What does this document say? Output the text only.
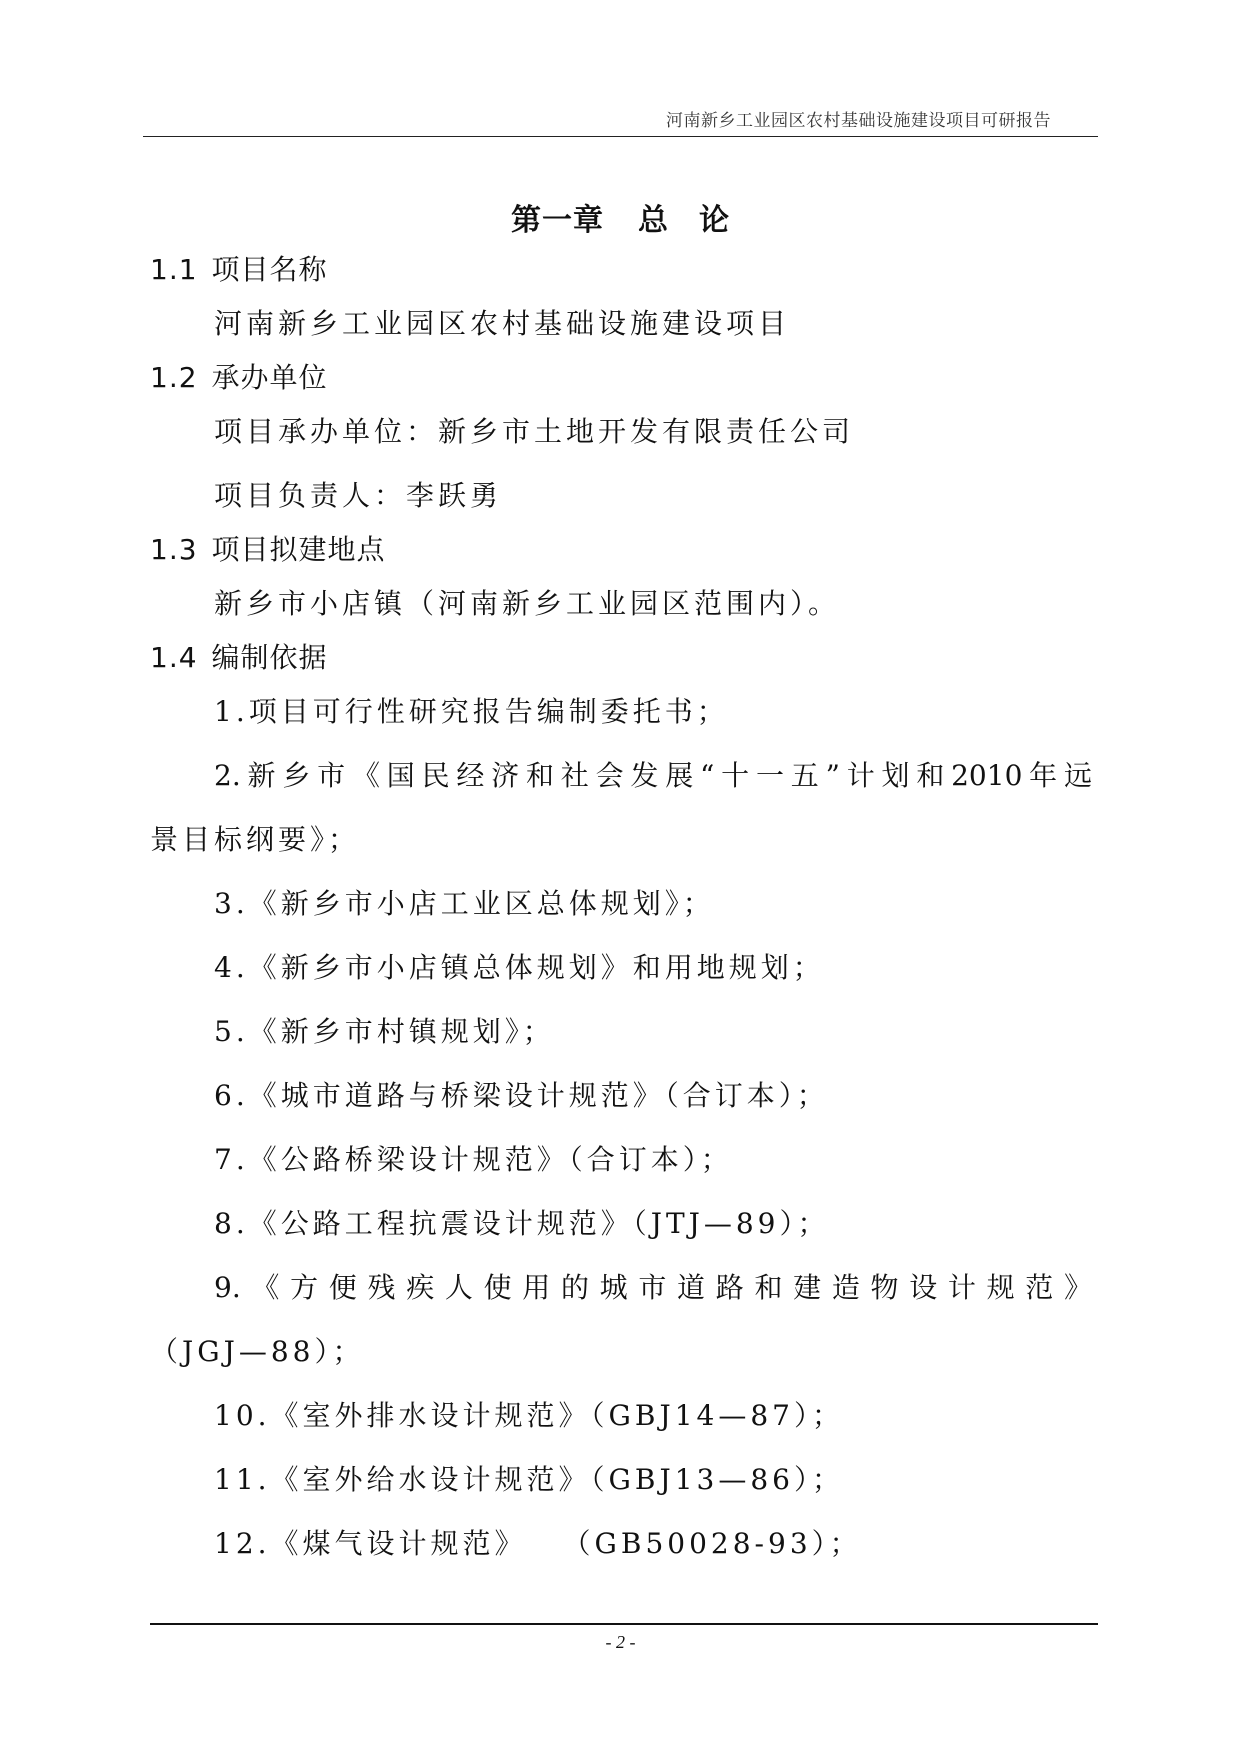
河南新乡工业园区农村基础设施建设项目可研报告
第一章 总 论
1.1 项目名称
河南新乡工业园区农村基础设施建设项目
1.2 承办单位
项目承办单位：新乡市土地开发有限责任公司
项目负责人：李跃勇
1.3 项目拟建地点
新乡市小店镇（河南新乡工业园区范围内）。
1.4 编制依据
1.项目可行性研究报告编制委托书；
2.新乡市《国民经济和社会发展“十一五”计划和2010年远
景目标纲要》；
3.《新乡市小店工业区总体规划》；
4.《新乡市小店镇总体规划》和用地规划；
5.《新乡市村镇规划》；
6.《城市道路与桥梁设计规范》（合订本）；
7.《公路桥梁设计规范》（合订本）；
8.《公路工程抗震设计规范》（JTJ—89）；
9.《方便残疾人使用的城市道路和建造物设计规范》
（JGJ—88）；
10.《室外排水设计规范》（GBJ14—87）；
11.《室外给水设计规范》（GBJ13—86）；
12.《煤气设计规范》　　（GB50028-93）；
- 2 -
